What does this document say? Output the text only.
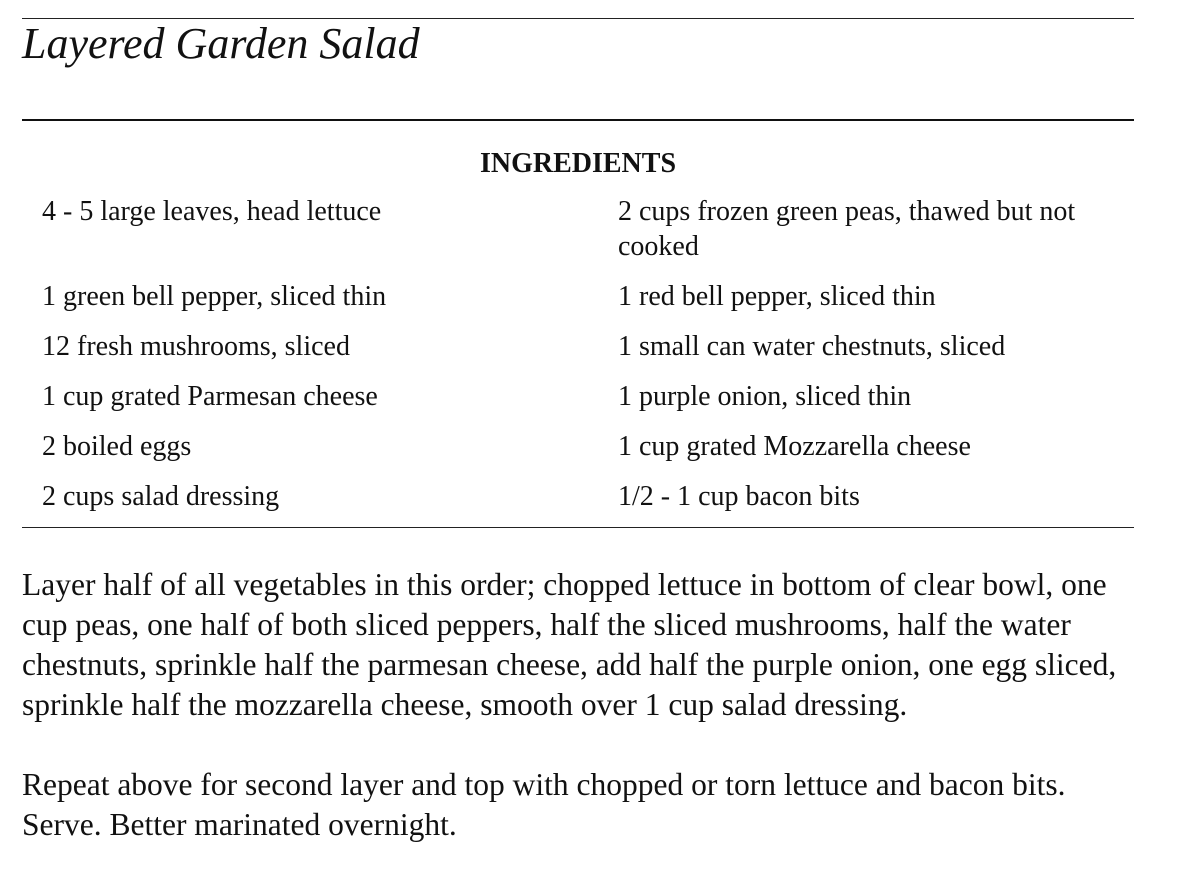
Layered Garden Salad
INGREDIENTS
4 - 5 large leaves, head lettuce	2 cups frozen green peas, thawed but not cooked
1 green bell pepper, sliced thin	1 red bell pepper, sliced thin
12 fresh mushrooms, sliced	1 small can water chestnuts, sliced
1 cup grated Parmesan cheese	1 purple onion, sliced thin
2 boiled eggs	1 cup grated Mozzarella cheese
2 cups salad dressing	1/2 - 1 cup bacon bits

Layer half of all vegetables in this order; chopped lettuce in bottom of clear bowl, one cup peas, one half of both sliced peppers, half the sliced mushrooms, half the water chestnuts, sprinkle half the parmesan cheese, add half the purple onion, one egg sliced, sprinkle half the mozzarella cheese, smooth over 1 cup salad dressing.

Repeat above for second layer and top with chopped or torn lettuce and bacon bits. Serve. Better marinated overnight.
